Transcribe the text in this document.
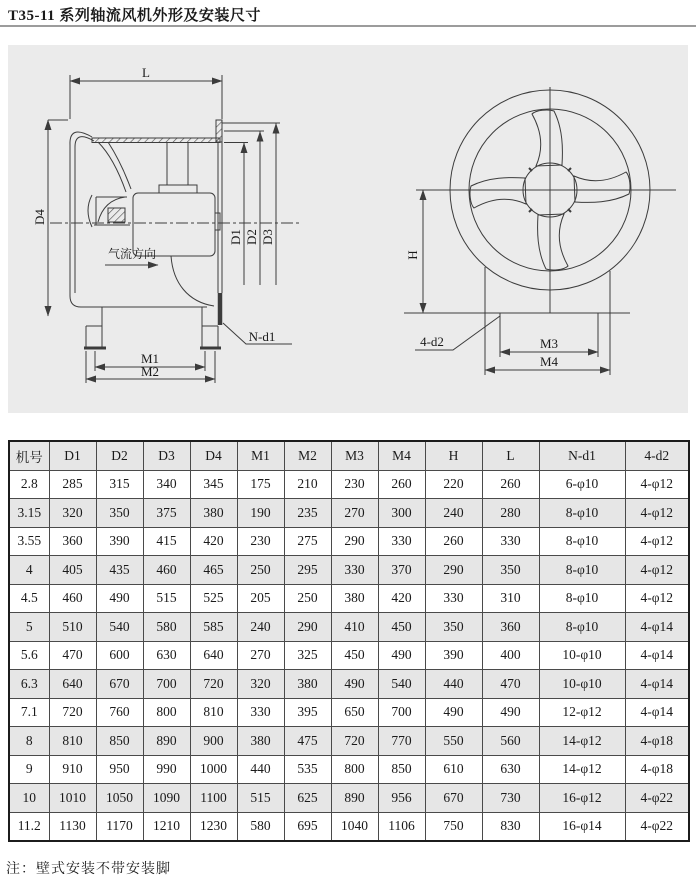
T35-11 系列轴流风机外形及安装尺寸
L
D4
D1 D2 D3
气流方向
M1
M2
N-d1
H
4-d2	M3
M4
机号	D1	D2	D3	D4	M1	M2	M3	M4	H	L	N-d1	4-d2
2.8	285	315	340	345	175	210	230	260	220	260	6-φ10	4-φ12
3.15	320	350	375	380	190	235	270	300	240	280	8-φ10	4-φ12
3.55	360	390	415	420	230	275	290	330	260	330	8-φ10	4-φ12
4	405	435	460	465	250	295	330	370	290	350	8-φ10	4-φ12
4.5	460	490	515	525	205	250	380	420	330	310	8-φ10	4-φ12
5	510	540	580	585	240	290	410	450	350	360	8-φ10	4-φ14
5.6	470	600	630	640	270	325	450	490	390	400	10-φ10	4-φ14
6.3	640	670	700	720	320	380	490	540	440	470	10-φ10	4-φ14
7.1	720	760	800	810	330	395	650	700	490	490	12-φ12	4-φ14
8	810	850	890	900	380	475	720	770	550	560	14-φ12	4-φ18
9	910	950	990	1000	440	535	800	850	610	630	14-φ12	4-φ18
10	1010	1050	1090	1100	515	625	890	956	670	730	16-φ12	4-φ22
11.2	1130	1170	1210	1230	580	695	1040	1106	750	830	16-φ14	4-φ22
注：壁式安装不带安装脚
